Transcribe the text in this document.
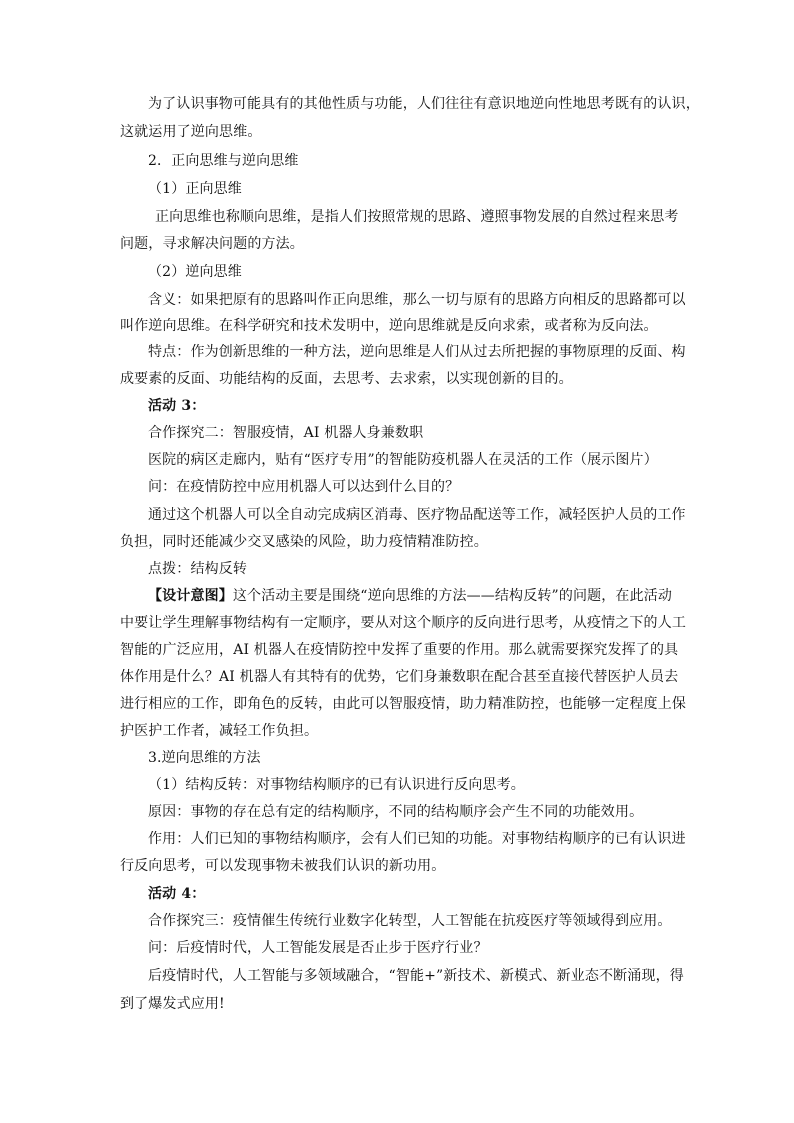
为了认识事物可能具有的其他性质与功能，人们往往有意识地逆向性地思考既有的认识，

这就运用了逆向思维。

2．正向思维与逆向思维

（1）正向思维

正向思维也称顺向思维，是指人们按照常规的思路、遵照事物发展的自然过程来思考

问题，寻求解决问题的方法。

（2）逆向思维

含义：如果把原有的思路叫作正向思维，那么一切与原有的思路方向相反的思路都可以

叫作逆向思维。在科学研究和技术发明中，逆向思维就是反向求索，或者称为反向法。

特点：作为创新思维的一种方法，逆向思维是人们从过去所把握的事物原理的反面、构

成要素的反面、功能结构的反面，去思考、去求索，以实现创新的目的。

活动 3：

合作探究二：智服疫情，AI 机器人身兼数职

医院的病区走廊内，贴有“医疗专用”的智能防疫机器人在灵活的工作（展示图片）

问：在疫情防控中应用机器人可以达到什么目的？

通过这个机器人可以全自动完成病区消毒、医疗物品配送等工作，减轻医护人员的工作

负担，同时还能减少交叉感染的风险，助力疫情精准防控。

点拨：结构反转

【设计意图】这个活动主要是围绕“逆向思维的方法——结构反转”的问题，在此活动

中要让学生理解事物结构有一定顺序，要从对这个顺序的反向进行思考，从疫情之下的人工

智能的广泛应用，AI 机器人在疫情防控中发挥了重要的作用。那么就需要探究发挥了的具

体作用是什么？AI 机器人有其特有的优势，它们身兼数职在配合甚至直接代替医护人员去

进行相应的工作，即角色的反转，由此可以智服疫情，助力精准防控，也能够一定程度上保

护医护工作者，减轻工作负担。

3.逆向思维的方法

（1）结构反转：对事物结构顺序的已有认识进行反向思考。

原因：事物的存在总有定的结构顺序，不同的结构顺序会产生不同的功能效用。

作用：人们已知的事物结构顺序，会有人们已知的功能。对事物结构顺序的已有认识进

行反向思考，可以发现事物未被我们认识的新功用。

活动 4：

合作探究三：疫情催生传统行业数字化转型，人工智能在抗疫医疗等领域得到应用。

问：后疫情时代，人工智能发展是否止步于医疗行业？

后疫情时代，人工智能与多领域融合，“智能+”新技术、新模式、新业态不断涌现，得

到了爆发式应用!
